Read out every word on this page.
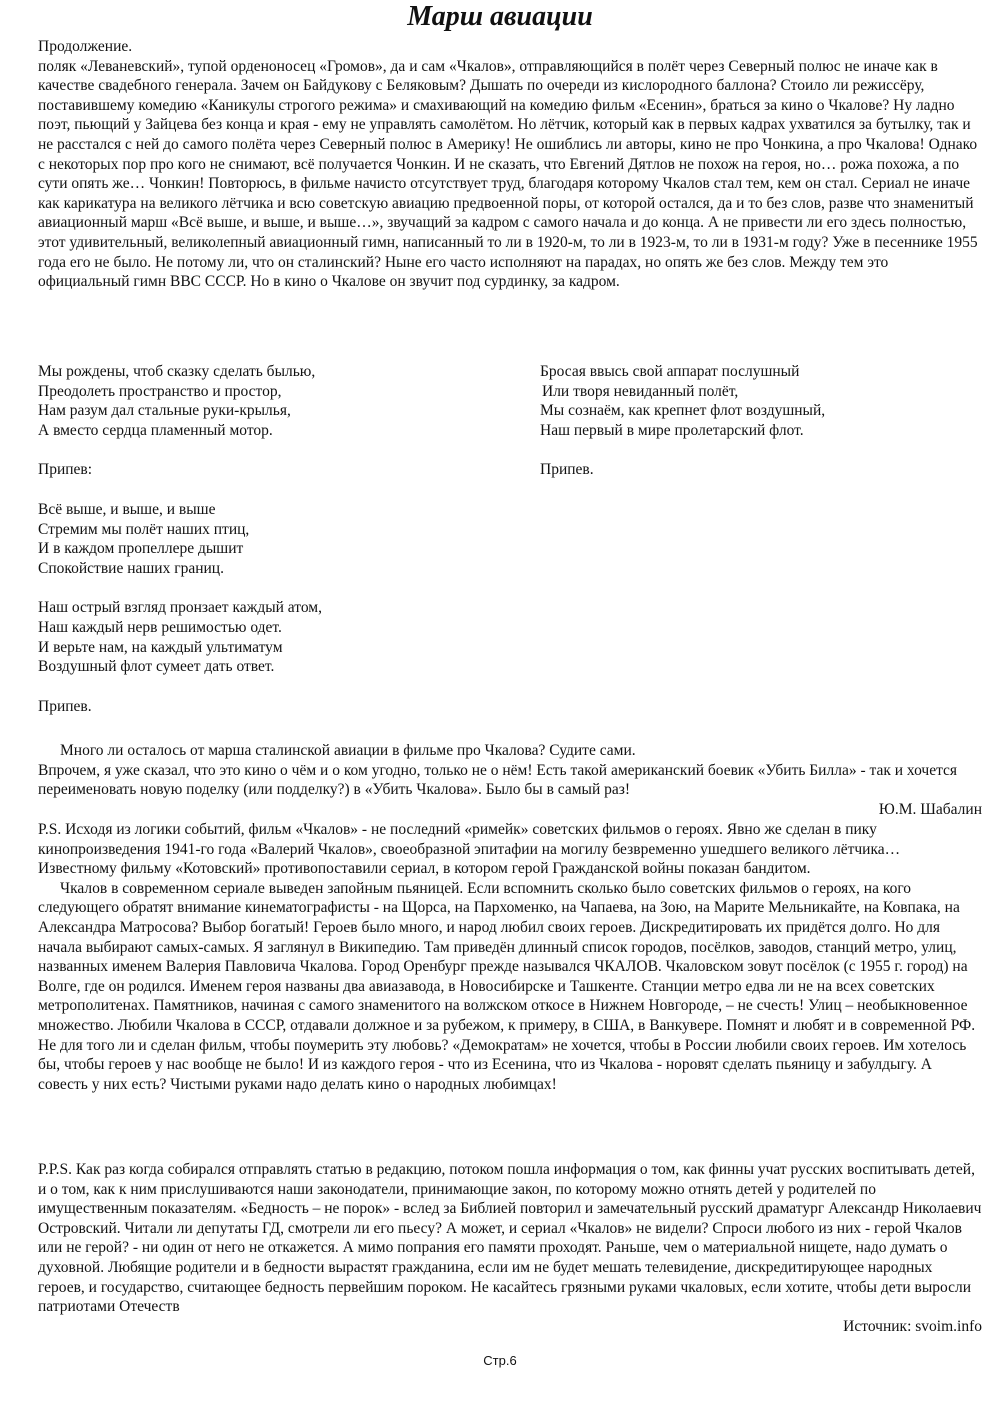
Продолжение.

поляк «Леваневский», тупой орденоносец «Громов», да и сам «Чкалов», отправляющийся в полёт через Северный полюс не иначе как в качестве свадебного генерала. Зачем он Байдукову с Беляковым? Дышать по очереди из кислородного баллона? Стоило ли режиссёру, поставившему комедию «Каникулы строгого режима» и смахивающий на комедию фильм «Есенин», браться за кино о Чкалове? Ну ладно поэт, пьющий у Зайцева без конца и края - ему не управлять самолётом. Но лётчик, который как в первых кадрах ухватился за бутылку, так и не расстался с ней до самого полёта через Северный полюс в Америку! Не ошиблись ли авторы, кино не про Чонкина, а про Чкалова! Однако с некоторых пор про кого не снимают, всё получается Чонкин. И не сказать, что Евгений Дятлов не похож на героя, но… рожа похожа, а по сути опять же… Чонкин! Повторюсь, в фильме начисто отсутствует труд, благодаря которому Чкалов стал тем, кем он стал. Сериал не иначе как карикатура на великого лётчика и всю советскую авиацию предвоенной поры, от которой остался, да и то без слов, разве что знаменитый авиационный марш «Всё выше, и выше, и выше…», звучащий за кадром с самого начала и до конца. А не привести ли его здесь полностью, этот удивительный, великолепный авиационный гимн, написанный то ли в 1920-м, то ли в 1923-м, то ли в 1931-м году? Уже в песеннике 1955 года его не было. Не потому ли, что он сталинский? Ныне его часто исполняют на парадах, но опять же без слов. Между тем это официальный гимн ВВС СССР. Но в кино о Чкалове он звучит под сурдинку, за кадром.

Марш авиации
Мы рождены, чтоб сказку сделать былью,
Преодолеть пространство и простор,
Нам разум дал стальные руки-крылья,
А вместо сердца пламенный мотор.
Припев:
Всё выше, и выше, и выше
Стремим мы полёт наших птиц,
И в каждом пропеллере дышит
Спокойствие наших границ.
Наш острый взгляд пронзает каждый атом,
Наш каждый нерв решимостью одет.
И верьте нам, на каждый ультиматум
Воздушный флот сумеет дать ответ.
Припев.
Бросая ввысь свой аппарат послушный
Или творя невиданный полёт,
Мы сознаём, как крепнет флот воздушный,
Наш первый в мире пролетарский флот.
Припев.

Много ли осталось от марша сталинской авиации в фильме про Чкалова? Судите сами.

Впрочем, я уже сказал, что это кино о чём и о ком угодно, только не о нём! Есть такой американский боевик «Убить Билла» - так и хочется переименовать новую поделку (или подделку?) в «Убить Чкалова». Было бы в самый раз!

Ю.М. Шабалин

P.S. Исходя из логики событий, фильм «Чкалов» - не последний «римейк» советских фильмов о героях. Явно же сделан в пику кинопроизведения 1941-го года «Валерий Чкалов», своеобразной эпитафии на могилу безвременно ушедшего великого лётчика… Известному фильму «Котовский» противопоставили сериал, в котором герой Гражданской войны показан бандитом.

Чкалов в современном сериале выведен запойным пьяницей. Если вспомнить сколько было советских фильмов о героях, на кого следующего обратят внимание кинематографисты - на Щорса, на Пархоменко, на Чапаева, на Зою, на Марите Мельникайте, на Ковпака, на Александра Матросова? Выбор богатый! Героев было много, и народ любил своих героев. Дискредитировать их придётся долго. Но для начала выбирают самых-самых. Я заглянул в Википедию. Там приведён длинный список городов, посёлков, заводов, станций метро, улиц, названных именем Валерия Павловича Чкалова. Город Оренбург прежде назывался ЧКАЛОВ. Чкаловском зовут посёлок (с 1955 г. город) на Волге, где он родился. Именем героя названы два авиазавода, в Новосибирске и Ташкенте. Станции метро едва ли не на всех советских метрополитенах. Памятников, начиная с самого знаменитого на волжском откосе в Нижнем Новгороде, – не счесть! Улиц – необыкновенное множество. Любили Чкалова в СССР, отдавали должное и за рубежом, к примеру, в США, в Ванкувере. Помнят и любят и в современной РФ. Не для того ли и сделан фильм, чтобы поумерить эту любовь? «Демократам» не хочется, чтобы в России любили своих героев. Им хотелось бы, чтобы героев у нас вообще не было! И из каждого героя - что из Есенина, что из Чкалова - норовят сделать пьяницу и забулдыгу. А совесть у них есть? Чистыми руками надо делать кино о народных любимцах!

P.P.S. Как раз когда собирался отправлять статью в редакцию, потоком пошла информация о том, как финны учат русских воспитывать детей, и о том, как к ним прислушиваются наши законодатели, принимающие закон, по которому можно отнять детей у родителей по имущественным показателям. «Бедность – не порок» - вслед за Библией повторил и замечательный русский драматург Александр Николаевич Островский. Читали ли депутаты ГД, смотрели ли его пьесу? А может, и сериал «Чкалов» не видели? Спроси любого из них - герой Чкалов или не герой? - ни один от него не откажется. А мимо попрания его памяти проходят. Раньше, чем о материальной нищете, надо думать о духовной. Любящие родители и в бедности вырастят гражданина, если им не будет мешать телевидение, дискредитирующее народных героев, и государство, считающее бедность первейшим пороком. Не касайтесь грязными руками чкаловых, если хотите, чтобы дети выросли патриотами Отечеств

Источник: svoim.info
Стр.6
